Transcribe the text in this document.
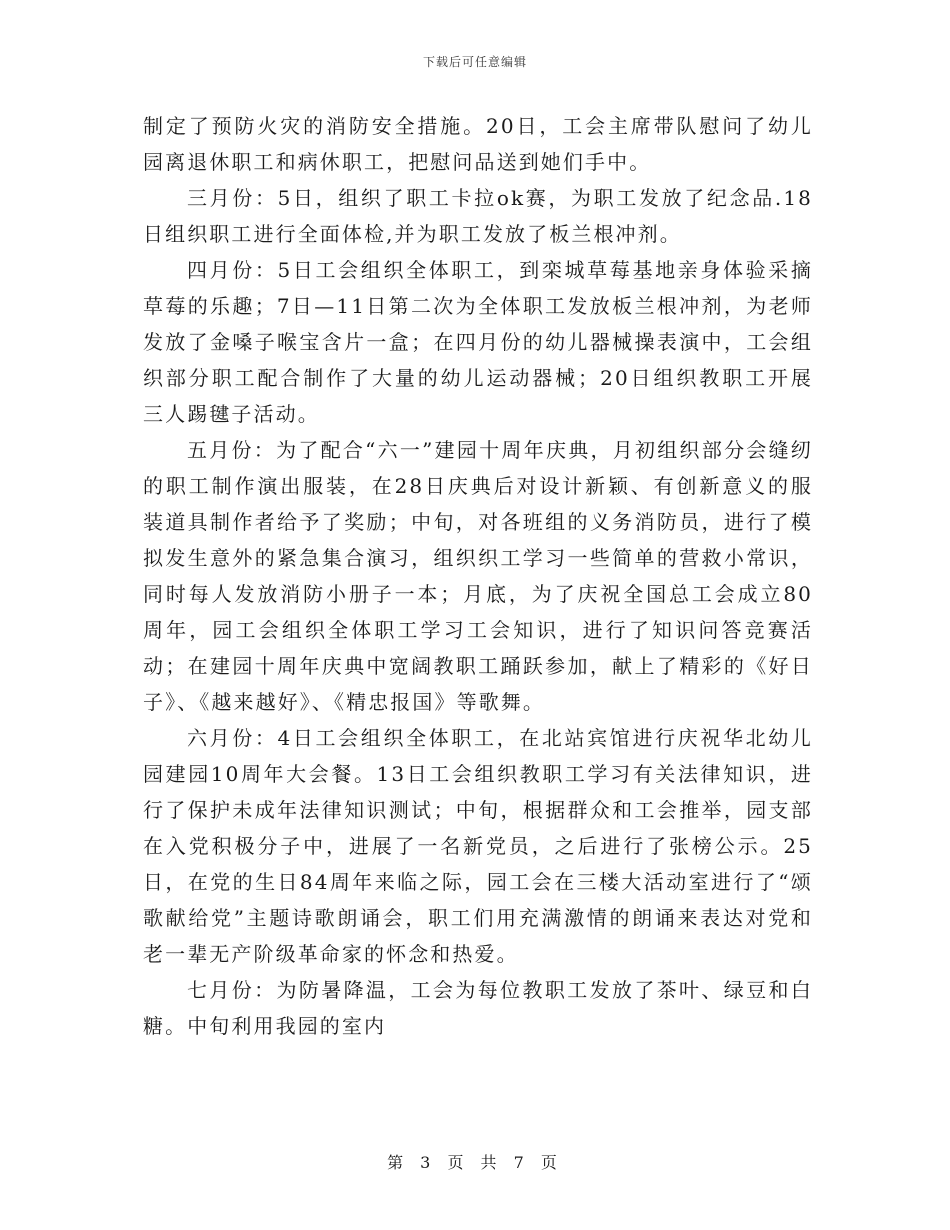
下载后可任意编辑

制定了预防火灾的消防安全措施。20日，工会主席带队慰问了幼儿园离退休职工和病休职工，把慰问品送到她们手中。

三月份：5日，组织了职工卡拉ok赛，为职工发放了纪念品.18日组织职工进行全面体检,并为职工发放了板兰根冲剂。

四月份：5日工会组织全体职工，到栾城草莓基地亲身体验采摘草莓的乐趣；7日—11日第二次为全体职工发放板兰根冲剂，为老师发放了金嗓子喉宝含片一盒；在四月份的幼儿器械操表演中，工会组织部分职工配合制作了大量的幼儿运动器械；20日组织教职工开展三人踢毽子活动。

五月份：为了配合“六一”建园十周年庆典，月初组织部分会缝纫的职工制作演出服装，在28日庆典后对设计新颖、有创新意义的服装道具制作者给予了奖励；中旬，对各班组的义务消防员，进行了模拟发生意外的紧急集合演习，组织织工学习一些简单的营救小常识，同时每人发放消防小册子一本；月底，为了庆祝全国总工会成立80周年，园工会组织全体职工学习工会知识，进行了知识问答竞赛活动；在建园十周年庆典中宽阔教职工踊跃参加，献上了精彩的《好日子》、《越来越好》、《精忠报国》等歌舞。

六月份：4日工会组织全体职工，在北站宾馆进行庆祝华北幼儿园建园10周年大会餐。13日工会组织教职工学习有关法律知识，进行了保护未成年法律知识测试；中旬，根据群众和工会推举，园支部在入党积极分子中，进展了一名新党员，之后进行了张榜公示。25 日，在党的生日84周年来临之际，园工会在三楼大活动室进行了“颂歌献给党”主题诗歌朗诵会，职工们用充满激情的朗诵来表达对党和老一辈无产阶级革命家的怀念和热爱。

七月份：为防暑降温，工会为每位教职工发放了茶叶、绿豆和白糖。中旬利用我园的室内

第 3 页 共 7 页
